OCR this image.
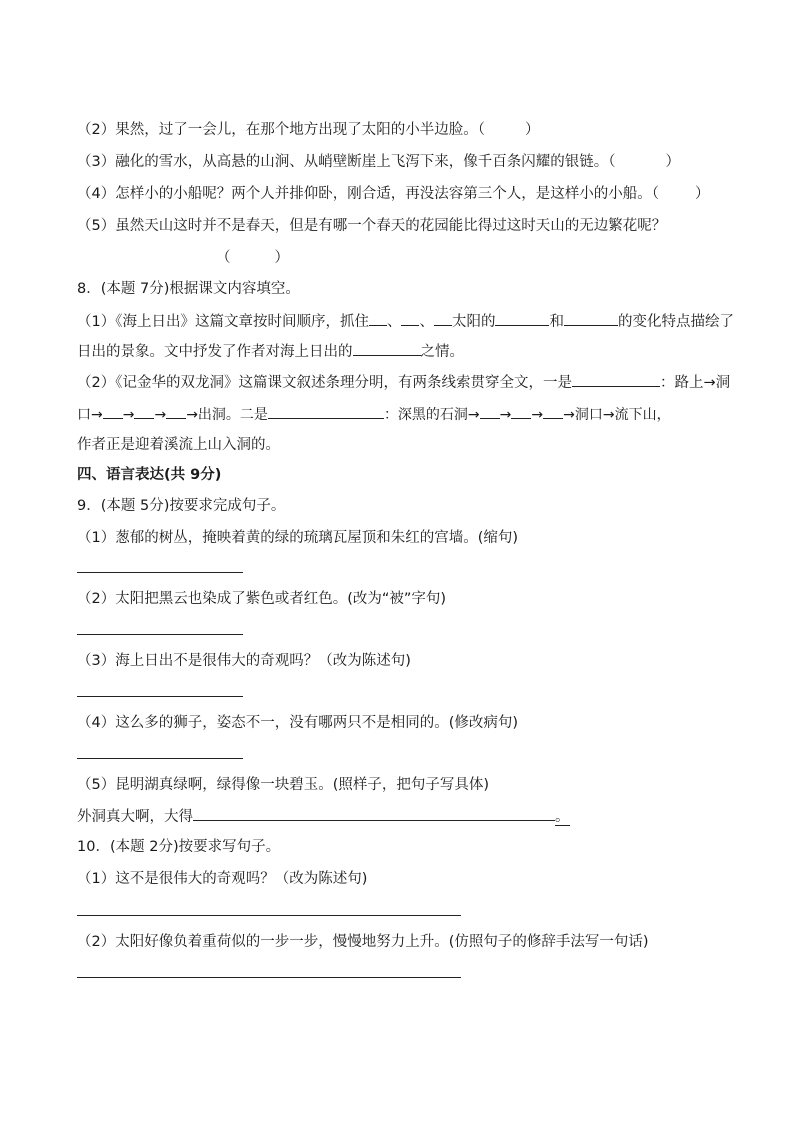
（2）果然，过了一会儿，在那个地方出现了太阳的小半边脸。（	）
（3）融化的雪水，从高悬的山涧、从峭壁断崖上飞泻下来，像千百条闪耀的银链。（	）
（4）怎样小的小船呢？两个人并排仰卧，刚合适，再没法容第三个人，是这样小的小船。（ ）
（5）虽然天山这时并不是春天，但是有哪一个春天的花园能比得过这时天山的无边繁花呢？
（	）
8．(本题 7分)根据课文内容填空。
（1）《海上日出》这篇文章按时间顺序，抓住 、 、 太阳的	和	的变化特点描绘了
日出的景象。文中抒发了作者对海上日出的	之情。
（2）《记金华的双龙洞》这篇课文叙述条理分明，有两条线索贯穿全文，一是	：路上→洞
口→ → → →出洞。二是	：深黑的石洞→ → → →洞口→流下山，
作者正是迎着溪流上山入洞的。
四、语言表达(共 9分)
9．(本题 5分)按要求完成句子。
（1）葱郁的树丛，掩映着黄的绿的琉璃瓦屋顶和朱红的宫墙。(缩句)
（2）太阳把黑云也染成了紫色或者红色。(改为“被”字句)
（3）海上日出不是很伟大的奇观吗？（改为陈述句)
（4）这么多的狮子，姿态不一，没有哪两只不是相同的。(修改病句)
（5）昆明湖真绿啊，绿得像一块碧玉。(照样子，把句子写具体)
外洞真大啊，大得	。
10．(本题 2分)按要求写句子。
（1）这不是很伟大的奇观吗？（改为陈述句)
（2）太阳好像负着重荷似的一步一步，慢慢地努力上升。(仿照句子的修辞手法写一句话)
